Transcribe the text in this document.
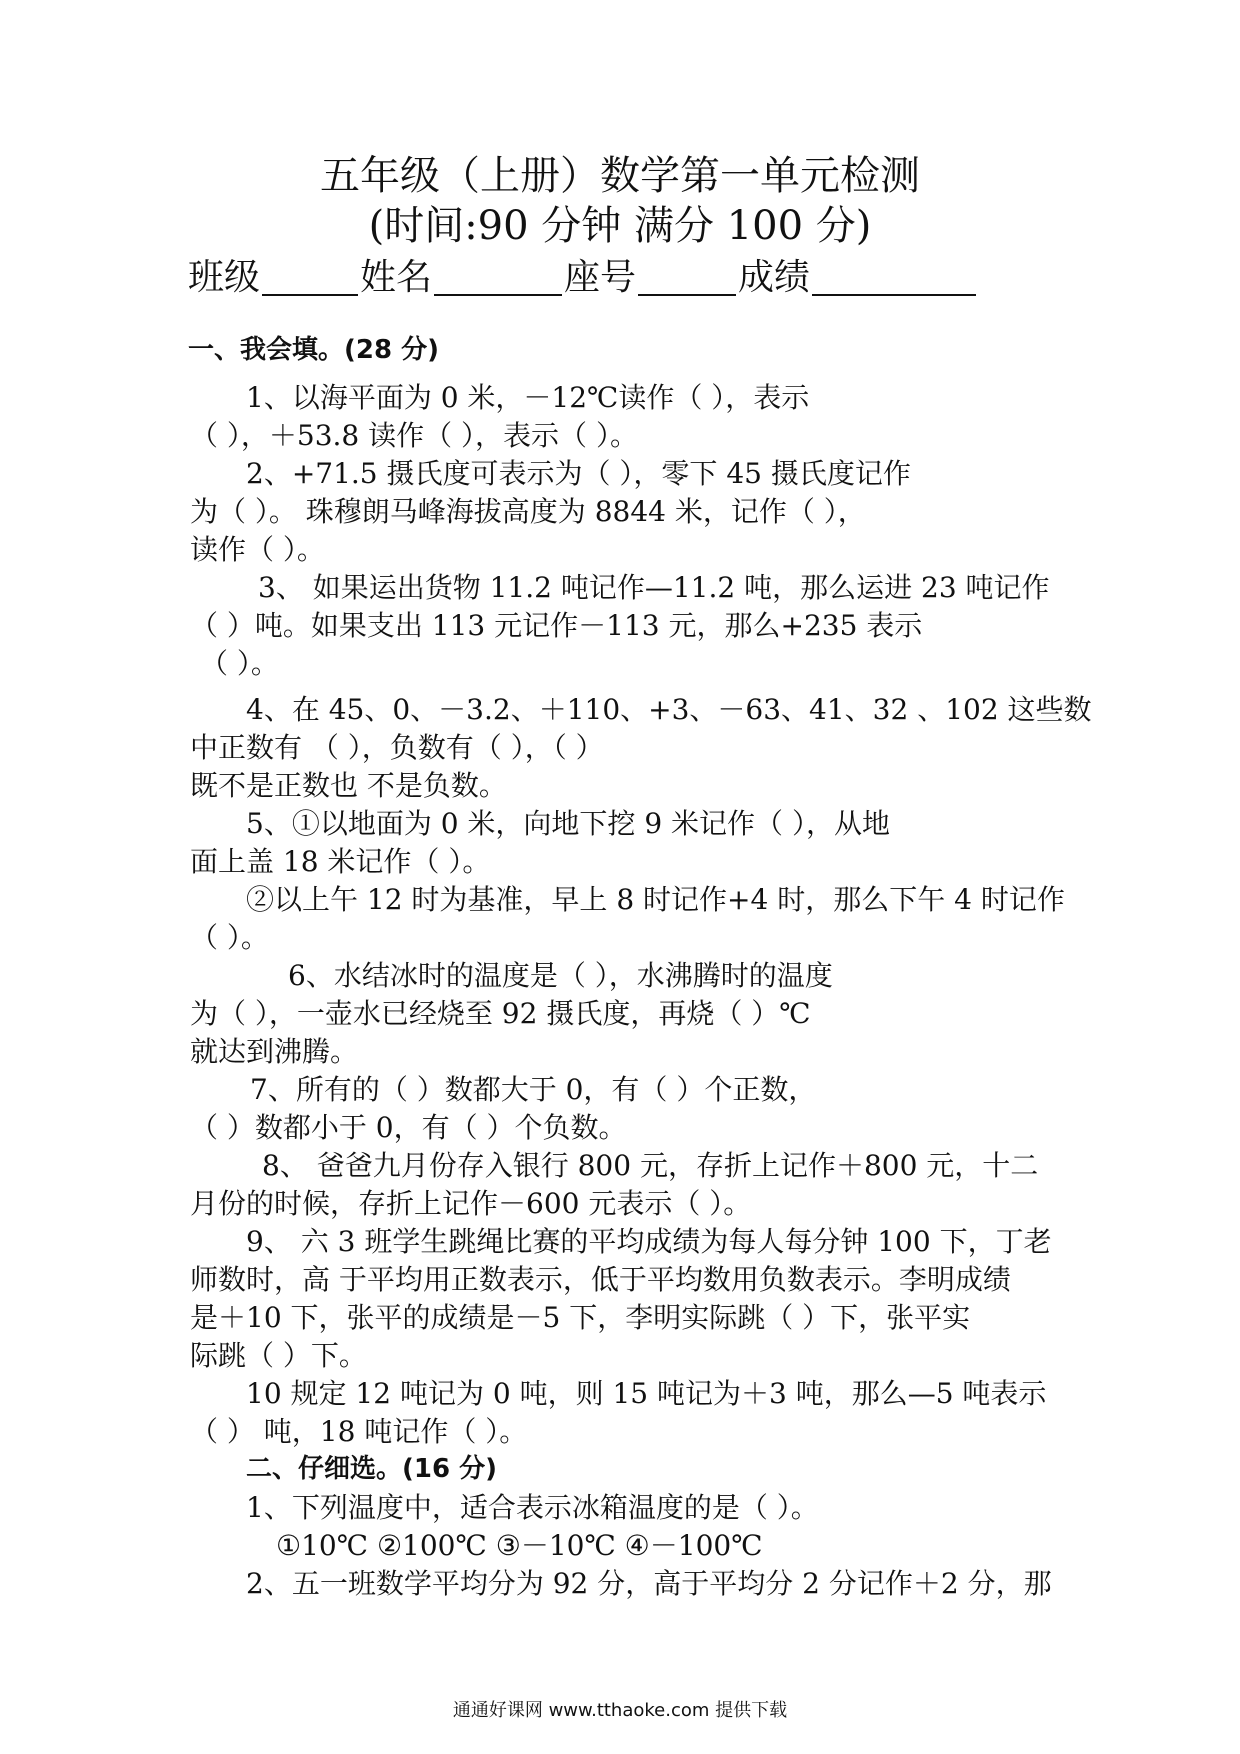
五年级（上册）数学第一单元检测
(时间:90 分钟 满分 100 分)
班级	姓名	座号	成绩
一、我会填。(28 分)
1、以海平面为 0 米，－12℃读作（ ），表示
（ ），＋53.8 读作（ ），表示（ ）。
2、+71.5 摄氏度可表示为（ ），零下 45 摄氏度记作
为（ ）。 珠穆朗马峰海拔高度为 8844 米，记作（ ），
读作（ ）。
3、 如果运出货物 11.2 吨记作—11.2 吨，那么运进 23 吨记作
（ ）吨。如果支出 113 元记作－113 元，那么+235 表示
（ ）。
4、在 45、0、－3.2、＋110、+3、－63、41、32 、102 这些数
中正数有 （ ），负数有（ ），（ ）
既不是正数也 不是负数。
5、①以地面为 0 米，向地下挖 9 米记作（ ），从地
面上盖 18 米记作（ ）。
②以上午 12 时为基准，早上 8 时记作+4 时，那么下午 4 时记作
（ ）。
6、水结冰时的温度是（ ），水沸腾时的温度
为（ ），一壶水已经烧至 92 摄氏度，再烧（ ）℃
就达到沸腾。
7、所有的（ ）数都大于 0，有（ ）个正数，
（ ）数都小于 0，有（ ）个负数。
8、 爸爸九月份存入银行 800 元，存折上记作＋800 元，十二
月份的时候，存折上记作－600 元表示（ ）。
9、 六 3 班学生跳绳比赛的平均成绩为每人每分钟 100 下，丁老
师数时，高 于平均用正数表示，低于平均数用负数表示。李明成绩
是＋10 下，张平的成绩是－5 下，李明实际跳（ ）下，张平实
际跳（ ）下。
10 规定 12 吨记为 0 吨，则 15 吨记为＋3 吨，那么—5 吨表示
（ ） 吨，18 吨记作（ ）。
二、仔细选。(16 分)
1、下列温度中，适合表示冰箱温度的是（ ）。
①10℃ ②100℃ ③－10℃ ④－100℃
2、五一班数学平均分为 92 分，高于平均分 2 分记作＋2 分，那
通通好课网 www.tthaoke.com 提供下载
